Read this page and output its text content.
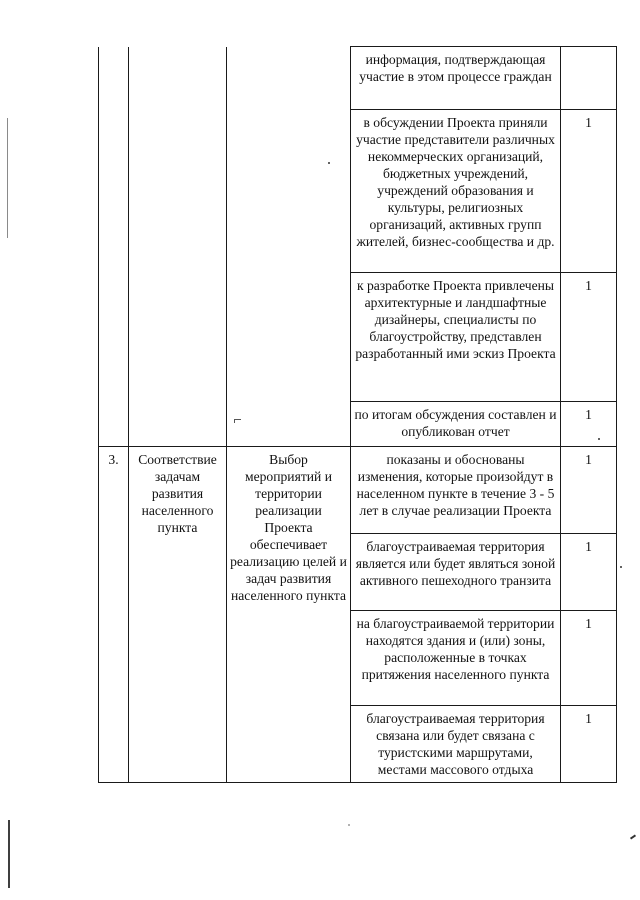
			информация, подтверждающая участие в этом процессе граждан	
			в обсуждении Проекта приняли участие представители различных некоммерческих организаций, бюджетных учреждений, учреждений образования и культуры, религиозных организаций, активных групп жителей, бизнес-сообщества и др.	1
			к разработке Проекта привлечены архитектурные и ландшафтные дизайнеры, специалисты по благоустройству, представлен разработанный ими эскиз Проекта	1
			по итогам обсуждения составлен и опубликован отчет	1
3.	Соответствие задачам развития населенного пункта	Выбор мероприятий и территории реализации Проекта обеспечивает реализацию целей и задач развития населенного пункта	показаны и обоснованы изменения, которые произойдут в населенном пункте в течение 3 - 5 лет в случае реализации Проекта	1
			благоустраиваемая территория является или будет являться зоной активного пешеходного транзита	1
			на благоустраиваемой территории находятся здания и (или) зоны, расположенные в точках притяжения населенного пункта	1
			благоустраиваемая территория связана или будет связана с туристскими маршрутами, местами массового отдыха	1
